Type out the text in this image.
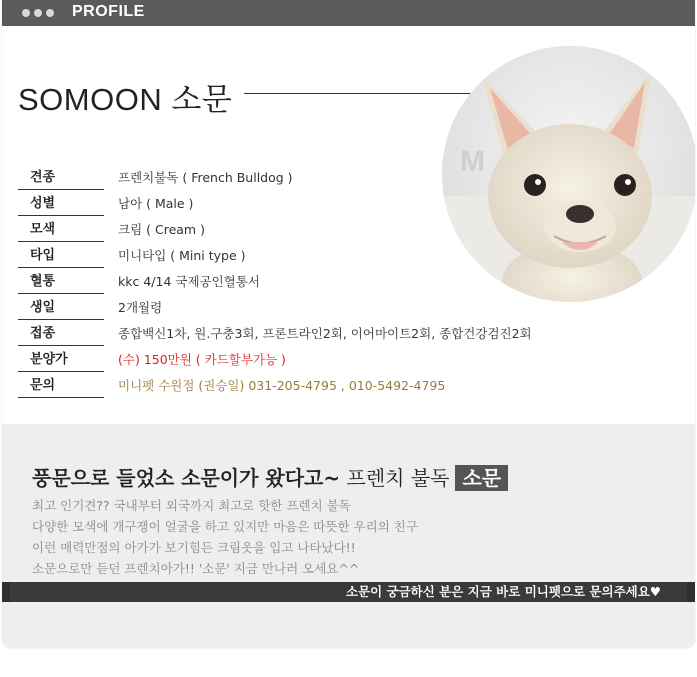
PROFILE
SOMOON 소문
M
견종	프렌치불독 ( French Bulldog )
성별	남아 ( Male )
모색	크림 ( Cream )
타입	미니타입 ( Mini type )
혈통	kkc 4/14 국제공인혈통서
생일	2개월령
접종	종합백신1차, 원.구충3회, 프론트라인2회, 이어마이트2회, 종합건강검진2회
분양가	(수) 150만원 ( 카드할부가능 )
문의	미니펫 수원점 (권승일) 031-205-4795 , 010-5492-4795
풍문으로 들었소 소문이가 왔다고~ 프렌치 불독 소문
최고 인기견?? 국내부터 외국까지 최고로 핫한 프렌치 불독
다양한 모색에 개구쟁이 얼굴을 하고 있지만 마음은 따뜻한 우리의 친구
이런 매력만점의 아가가 보기힘든 크림옷을 입고 나타났다!!
소문으로만 듣던 프렌치아가!! '소문' 지금 만나러 오세요^^
소문이 궁금하신 분은 지금 바로 미니펫으로 문의주세요♥
